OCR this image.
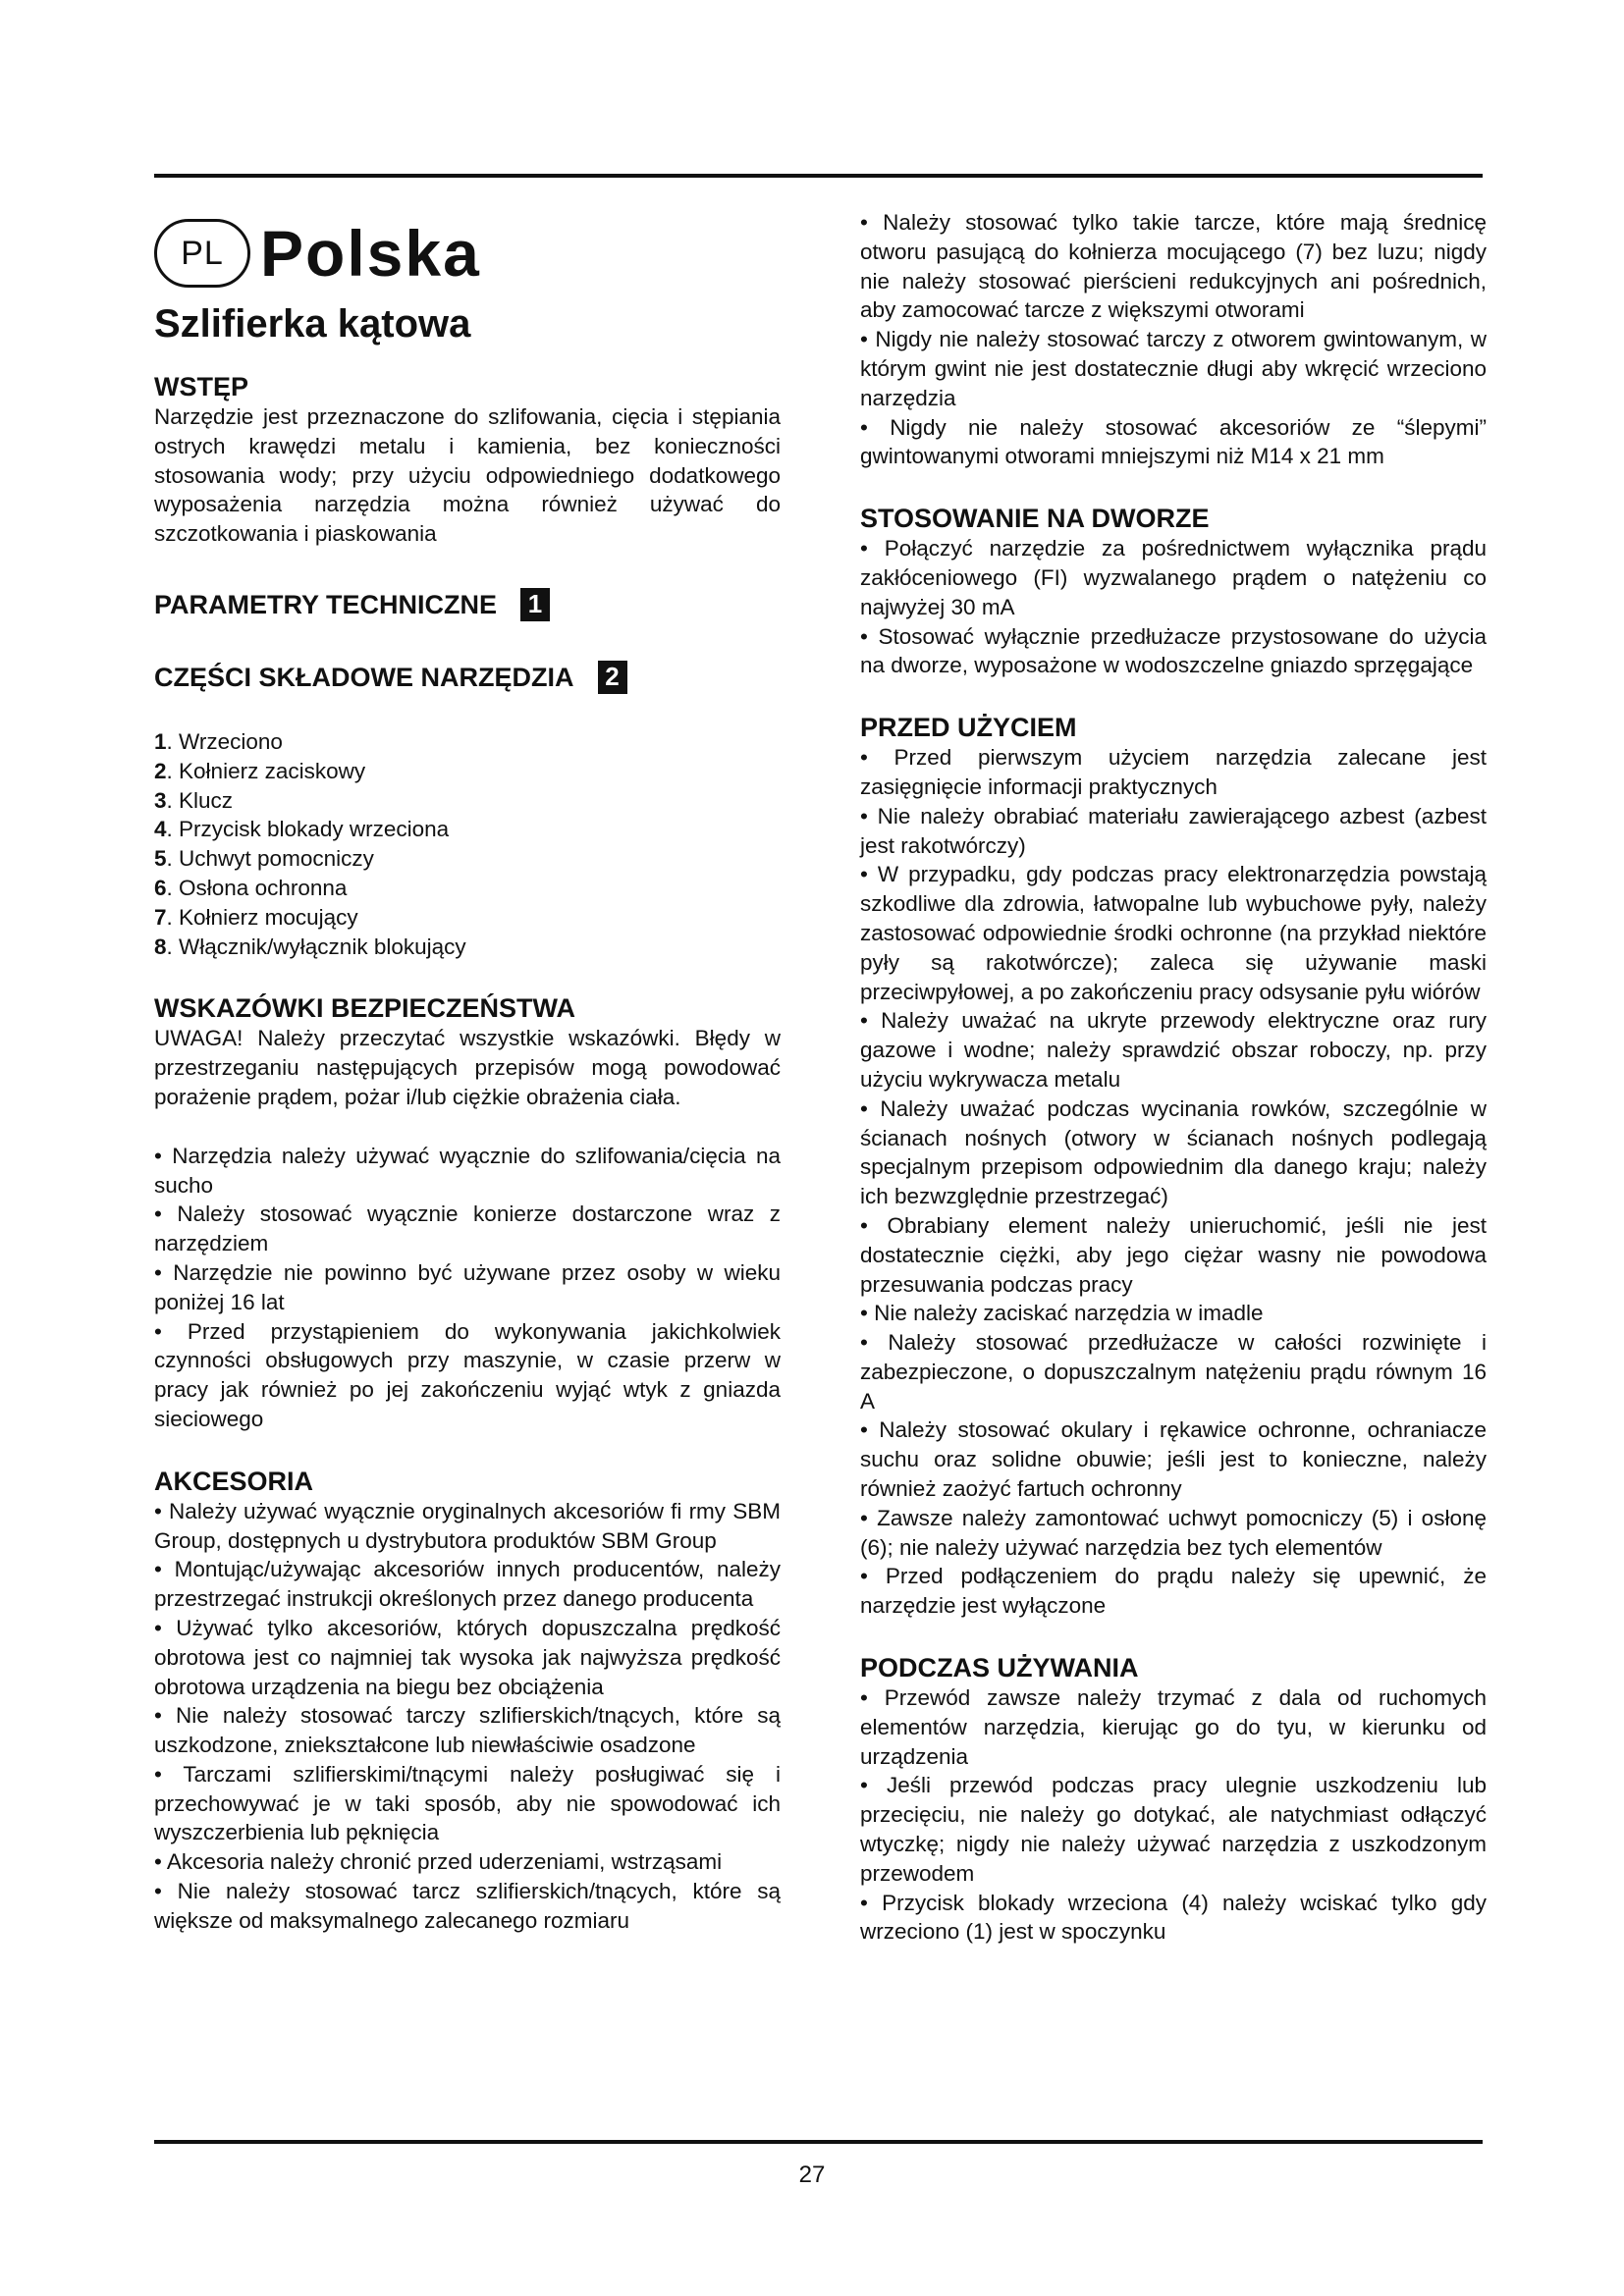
PL Polska
Szlifierka kątowa
WSTĘP

Narzędzie jest przeznaczone do szlifowania, cięcia i stępiania ostrych krawędzi metalu i kamienia, bez konieczności stosowania wody; przy użyciu odpowiedniego dodatkowego wyposażenia narzędzia można również używać do szczotkowania i piaskowania

PARAMETRY TECHNICZNE 1
CZĘŚCI SKŁADOWE NARZĘDZIA 2
1. Wrzeciono
2. Kołnierz zaciskowy
3. Klucz
4. Przycisk blokady wrzeciona
5. Uchwyt pomocniczy
6. Osłona ochronna
7. Kołnierz mocujący
8. Włącznik/wyłącznik blokujący
WSKAZÓWKI BEZPIECZEŃSTWA

UWAGA! Należy przeczytać wszystkie wskazówki. Błędy w przestrzeganiu następujących przepisów mogą powodować porażenie prądem, pożar i/lub ciężkie obrażenia ciała.

• Narzędzia należy używać wyącznie do szlifowania/cięcia na sucho

• Należy stosować wyącznie konierze dostarczone wraz z narzędziem

• Narzędzie nie powinno być używane przez osoby w wieku poniżej 16 lat

• Przed przystąpieniem do wykonywania jakichkolwiek czynności obsługowych przy maszynie, w czasie przerw w pracy jak również po jej zakończeniu wyjąć wtyk z gniazda sieciowego

AKCESORIA

• Należy używać wyącznie oryginalnych akcesoriów fi rmy SBM Group, dostępnych u dystrybutora produktów SBM Group

• Montując/używając akcesoriów innych producentów, należy przestrzegać instrukcji określonych przez danego producenta

• Używać tylko akcesoriów, których dopuszczalna prędkość obrotowa jest co najmniej tak wysoka jak najwyższa prędkość obrotowa urządzenia na biegu bez obciążenia

• Nie należy stosować tarczy szlifierskich/tnących, które są uszkodzone, zniekształcone lub niewłaściwie osadzone

• Tarczami szlifierskimi/tnącymi należy posługiwać się i przechowywać je w taki sposób, aby nie spowodować ich wyszczerbienia lub pęknięcia

• Akcesoria należy chronić przed uderzeniami, wstrząsami

• Nie należy stosować tarcz szlifierskich/tnących, które są większe od maksymalnego zalecanego rozmiaru

• Należy stosować tylko takie tarcze, które mają średnicę otworu pasującą do kołnierza mocującego (7) bez luzu; nigdy nie należy stosować pierścieni redukcyjnych ani pośrednich, aby zamocować tarcze z większymi otworami

• Nigdy nie należy stosować tarczy z otworem gwintowanym, w którym gwint nie jest dostatecznie długi aby wkręcić wrzeciono narzędzia

• Nigdy nie należy stosować akcesoriów ze “ślepymi” gwintowanymi otworami mniejszymi niż M14 x 21 mm

STOSOWANIE NA DWORZE

• Połączyć narzędzie za pośrednictwem wyłącznika prądu zakłóceniowego (FI) wyzwalanego prądem o natężeniu co najwyżej 30 mA

• Stosować wyłącznie przedłużacze przystosowane do użycia na dworze, wyposażone w wodoszczelne gniazdo sprzęgające

PRZED UŻYCIEM

• Przed pierwszym użyciem narzędzia zalecane jest zasięgnięcie informacji praktycznych

• Nie należy obrabiać materiału zawierającego azbest (azbest jest rakotwórczy)

• W przypadku, gdy podczas pracy elektronarzędzia powstają szkodliwe dla zdrowia, łatwopalne lub wybuchowe pyły, należy zastosować odpowiednie środki ochronne (na przykład niektóre pyły są rakotwórcze); zaleca się używanie maski przeciwpyłowej, a po zakończeniu pracy odsysanie pyłu wiórów

• Należy uważać na ukryte przewody elektryczne oraz rury gazowe i wodne; należy sprawdzić obszar roboczy, np. przy użyciu wykrywacza metalu

• Należy uważać podczas wycinania rowków, szczególnie w ścianach nośnych (otwory w ścianach nośnych podlegają specjalnym przepisom odpowiednim dla danego kraju; należy ich bezwzględnie przestrzegać)

• Obrabiany element należy unieruchomić, jeśli nie jest dostatecznie ciężki, aby jego ciężar wasny nie powodowa przesuwania podczas pracy

• Nie należy zaciskać narzędzia w imadle

• Należy stosować przedłużacze w całości rozwinięte i zabezpieczone, o dopuszczalnym natężeniu prądu równym 16 A

• Należy stosować okulary i rękawice ochronne, ochraniacze suchu oraz solidne obuwie; jeśli jest to konieczne, należy również zaożyć fartuch ochronny

• Zawsze należy zamontować uchwyt pomocniczy (5) i osłonę (6); nie należy używać narzędzia bez tych elementów

• Przed podłączeniem do prądu należy się upewnić, że narzędzie jest wyłączone

PODCZAS UŻYWANIA

• Przewód zawsze należy trzymać z dala od ruchomych elementów narzędzia, kierując go do tyu, w kierunku od urządzenia

• Jeśli przewód podczas pracy ulegnie uszkodzeniu lub przecięciu, nie należy go dotykać, ale natychmiast odłączyć wtyczkę; nigdy nie należy używać narzędzia z uszkodzonym przewodem

• Przycisk blokady wrzeciona (4) należy wciskać tylko gdy wrzeciono (1) jest w spoczynku

27
